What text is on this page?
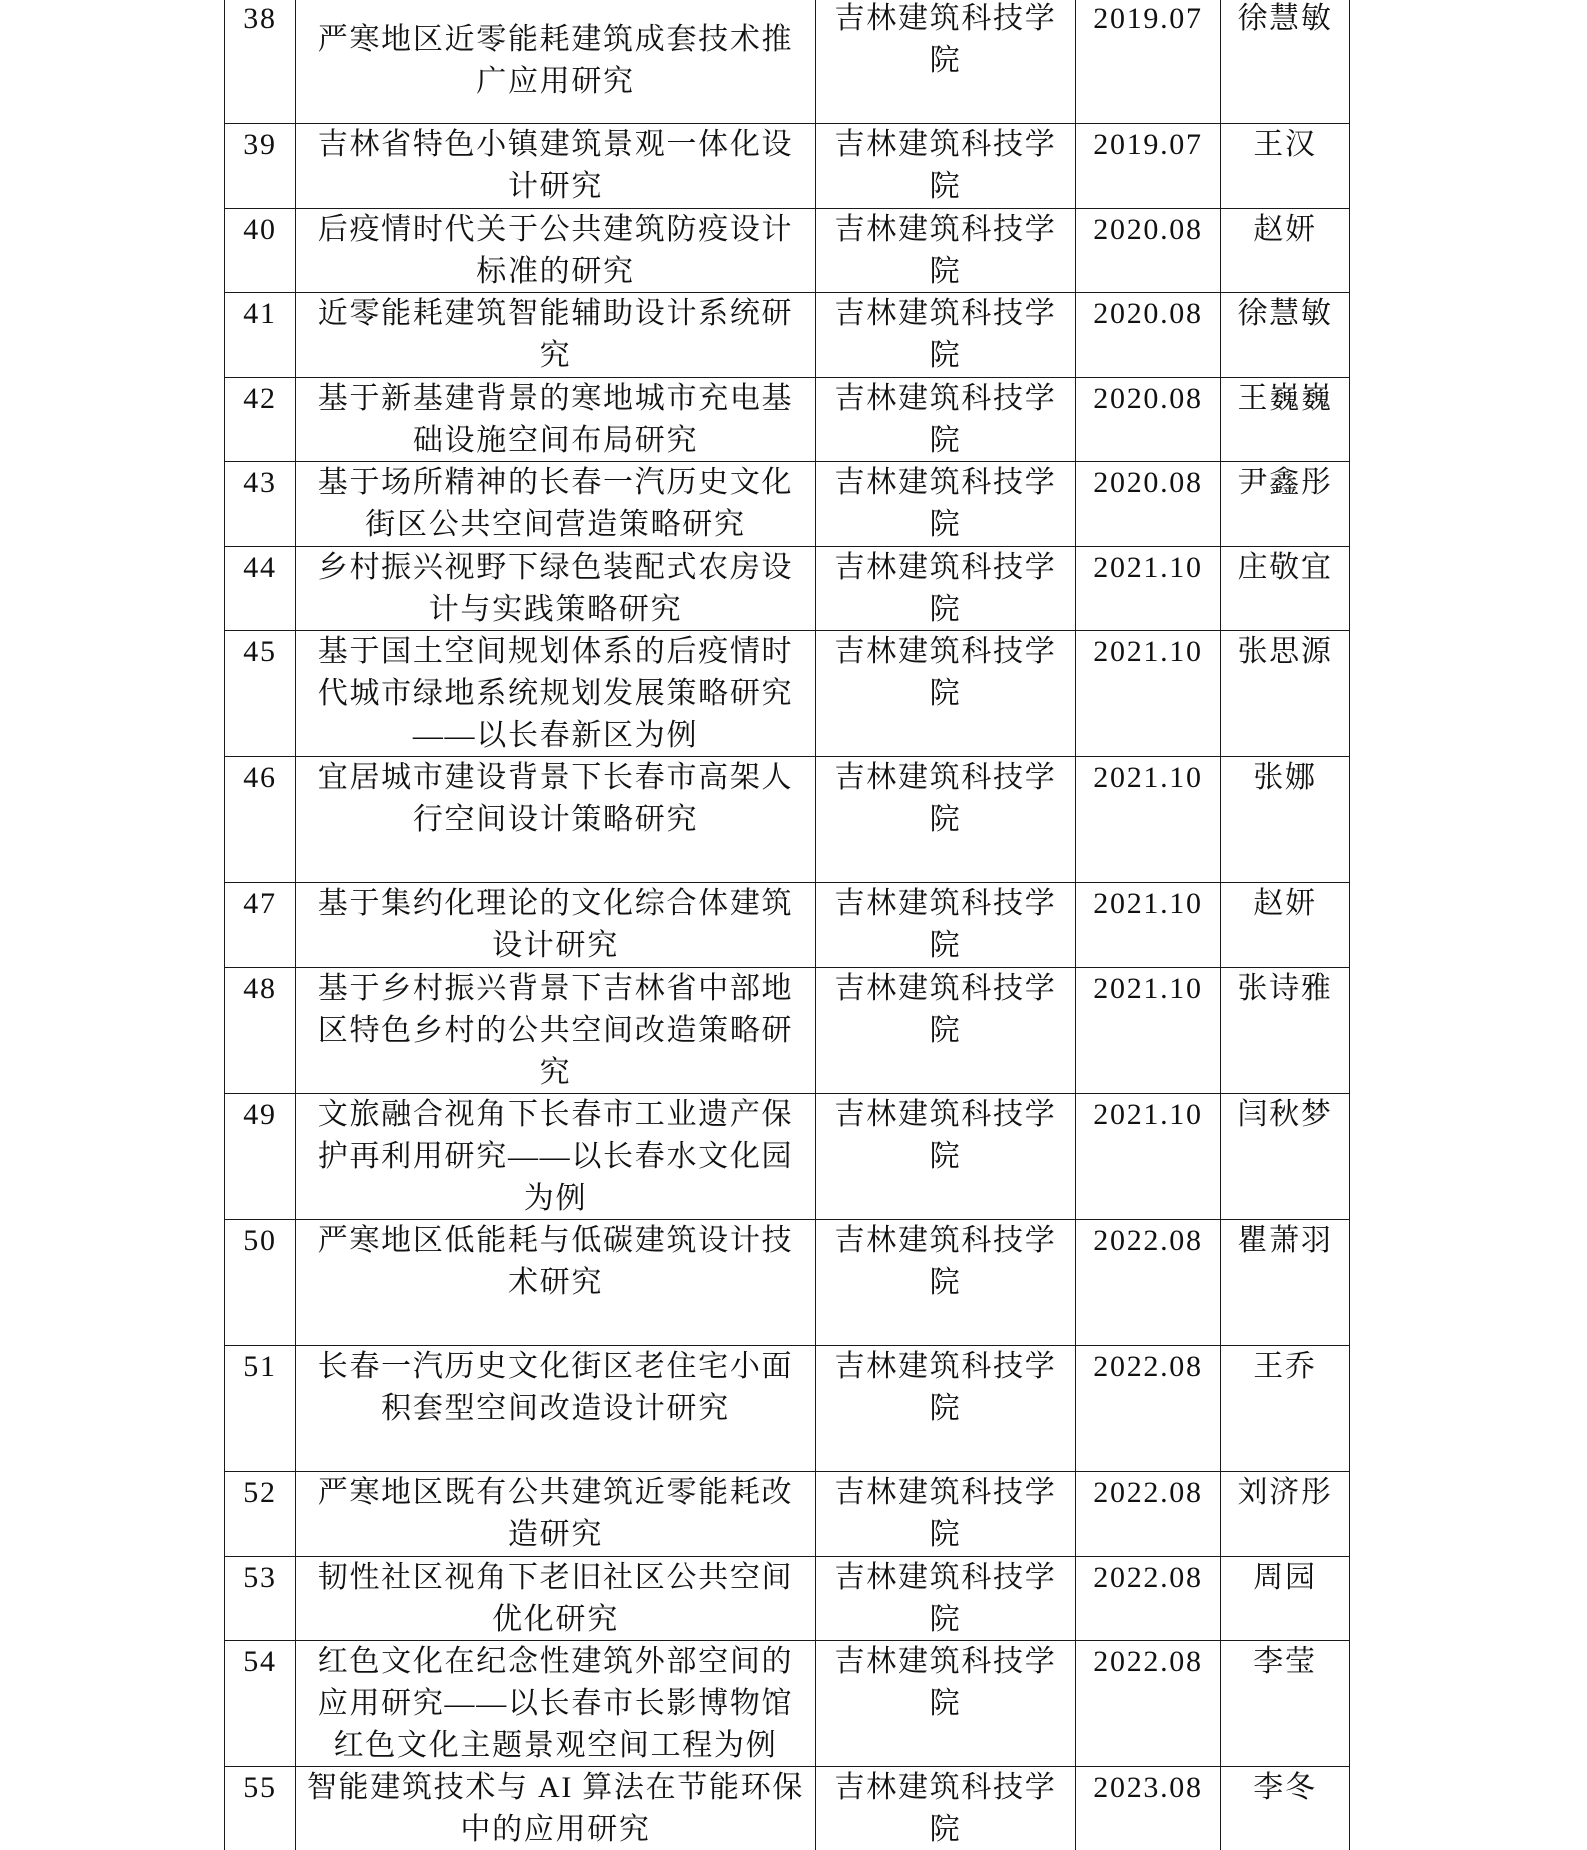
38
严寒地区近零能耗建筑成套技术推
广应用研究
吉林建筑科技学
院
2019.07 徐慧敏
39 吉林省特色小镇建筑景观一体化设
计研究
吉林建筑科技学
院
2019.07 王汉
40 后疫情时代关于公共建筑防疫设计
标准的研究
吉林建筑科技学
院
2020.08 赵妍
41 近零能耗建筑智能辅助设计系统研
究
吉林建筑科技学
院
2020.08 徐慧敏
42 基于新基建背景的寒地城市充电基
础设施空间布局研究
吉林建筑科技学
院
2020.08 王巍巍
43 基于场所精神的长春一汽历史文化
街区公共空间营造策略研究
吉林建筑科技学
院
2020.08 尹鑫彤
44 乡村振兴视野下绿色装配式农房设
计与实践策略研究
吉林建筑科技学
院
2021.10 庄敬宜
45 基于国土空间规划体系的后疫情时
代城市绿地系统规划发展策略研究
——以长春新区为例
吉林建筑科技学
院
2021.10 张思源
46 宜居城市建设背景下长春市高架人
行空间设计策略研究
吉林建筑科技学
院
2021.10 张娜
47 基于集约化理论的文化综合体建筑
设计研究
吉林建筑科技学
院
2021.10 赵妍
48 基于乡村振兴背景下吉林省中部地
区特色乡村的公共空间改造策略研
究
吉林建筑科技学
院
2021.10 张诗雅
49 文旅融合视角下长春市工业遗产保
护再利用研究——以长春水文化园
为例
吉林建筑科技学
院
2021.10 闫秋梦
50 严寒地区低能耗与低碳建筑设计技
术研究
吉林建筑科技学
院
2022.08 瞿萧羽
51 长春一汽历史文化街区老住宅小面
积套型空间改造设计研究
吉林建筑科技学
院
2022.08 王乔
52 严寒地区既有公共建筑近零能耗改
造研究
吉林建筑科技学
院
2022.08 刘济彤
53 韧性社区视角下老旧社区公共空间
优化研究
吉林建筑科技学
院
2022.08 周园
54 红色文化在纪念性建筑外部空间的
应用研究——以长春市长影博物馆
红色文化主题景观空间工程为例
吉林建筑科技学
院
2022.08 李莹
55 智能建筑技术与 AI 算法在节能环保
中的应用研究
吉林建筑科技学
院
2023.08 李冬
